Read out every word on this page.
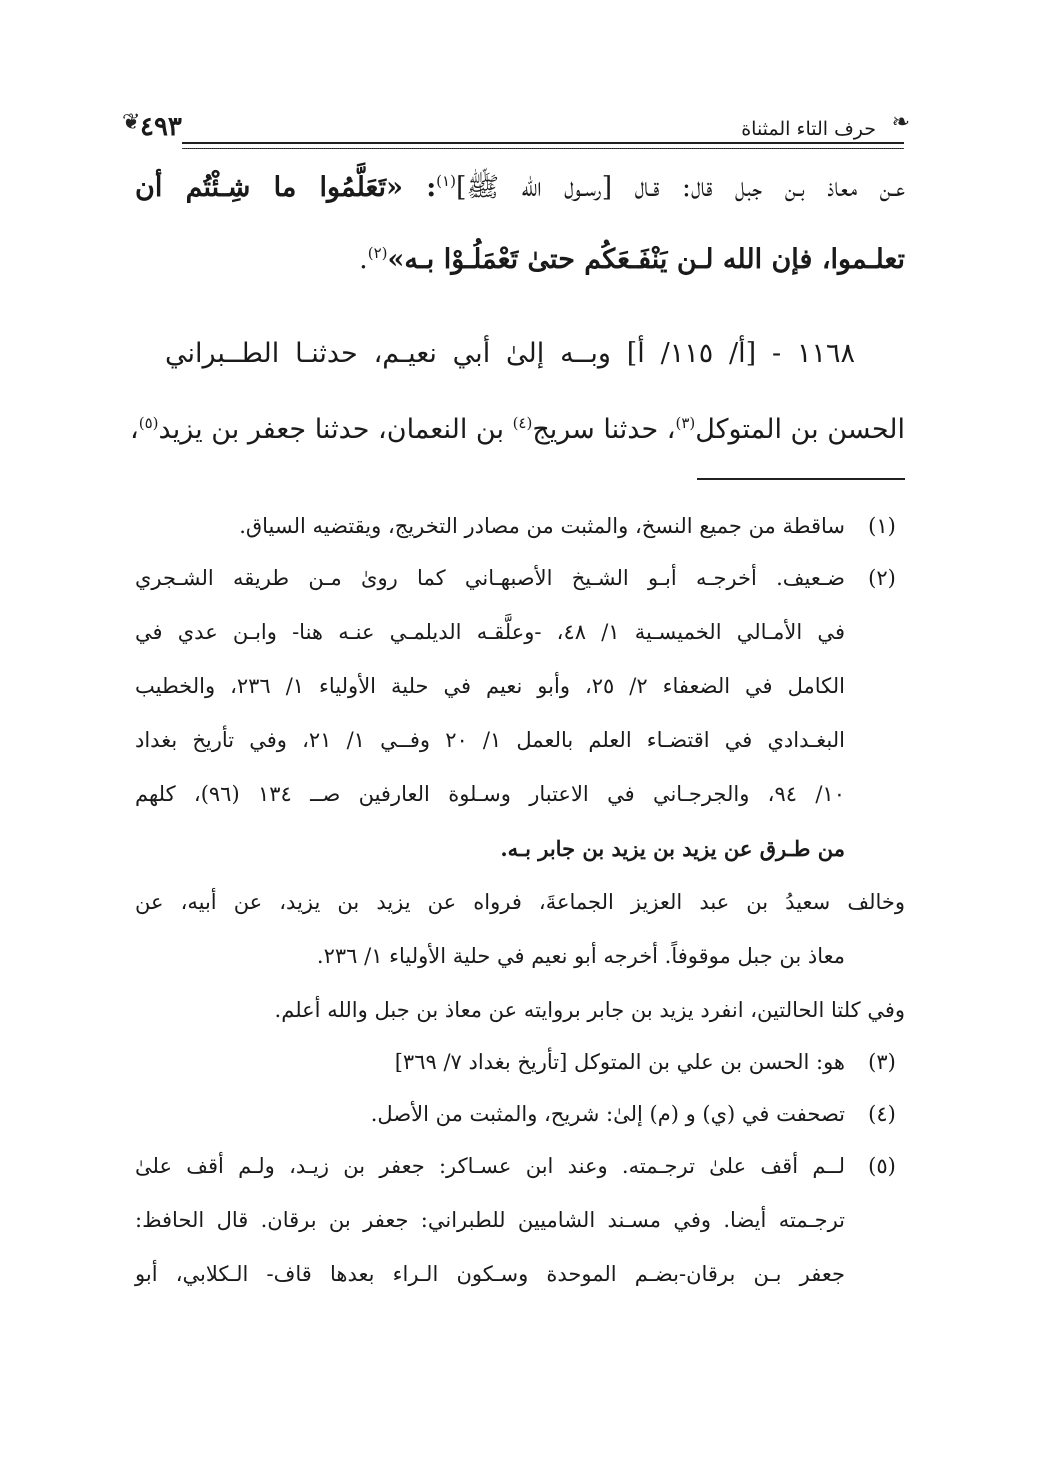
❦ ٤٩٣	حرف التاء المثناة ❧
عـن معاذ بـن جبل قال: قـال [رسـول الله ﷺ]$^{(١)}$: «تَعَلَّمُوا ما شِـئْتُم أن
تعلـموا، فإن الله لـن يَنْفَـعَكُم حتىٰ تَعْمَلُـوْا بـه»$^{(٢)}$.
١١٦٨ - [أ/ ١١٥/ أ] وبــه إلىٰ أبي نعيـم، حدثنـا الطــبراني
الحسن بن المتوكل$^{(٣)}$، حدثنا سريج$^{(٤)}$ بن النعمان، حدثنا جعفر بن يزيد$^{(٥)}$،
(١)
ساقطة من جميع النسخ، والمثبت من مصادر التخريج، ويقتضيه السياق.
(٢)
ضـعيف. أخرجـه أبـو الشـيخ الأصبهـاني كما روىٰ مـن طريقه الشـجري
في الأمـالي الخميسـية ١/ ٤٨، -وعلَّقـه الديلمـي عنـه هنا- وابـن عدي في
الكامل في الضعفاء ٢/ ٢٥، وأبو نعيم في حلية الأولياء ١/ ٢٣٦، والخطيب
البغـدادي في اقتضـاء العلم بالعمل ١/ ٢٠ وفــي ١/ ٢١، وفي تأريخ بغداد
١٠/ ٩٤، والجرجـاني في الاعتبار وسـلوة العارفين صــ ١٣٤ (٩٦)، كلهم
من طـرق عن يزيد بن يزيد بن جابر بـه.
وخالف سعيدُ بن عبد العزيز الجماعةَ، فرواه عن يزيد بن يزيد، عن أبيه، عن
معاذ بن جبل موقوفاً. أخرجه أبو نعيم في حلية الأولياء ١/ ٢٣٦.
وفي كلتا الحالتين، انفرد يزيد بن جابر بروايته عن معاذ بن جبل والله أعلم.
(٣)
هو: الحسن بن علي بن المتوكل [تأريخ بغداد ٧/ ٣٦٩]
(٤)
تصحفت في (ي) و (م) إلىٰ: شريح، والمثبت من الأصل.
(٥)
لــم أقف علىٰ ترجـمته. وعند ابن عسـاكر: جعفر بن زيـد، ولـم أقف علىٰ
ترجـمته أيضا. وفي مسـند الشاميين للطبراني: جعفر بن برقان. قال الحافظ:
جعفر بـن برقان-بضـم الموحدة وسـكون الـراء بعدها قاف- الـكلابي، أبو
